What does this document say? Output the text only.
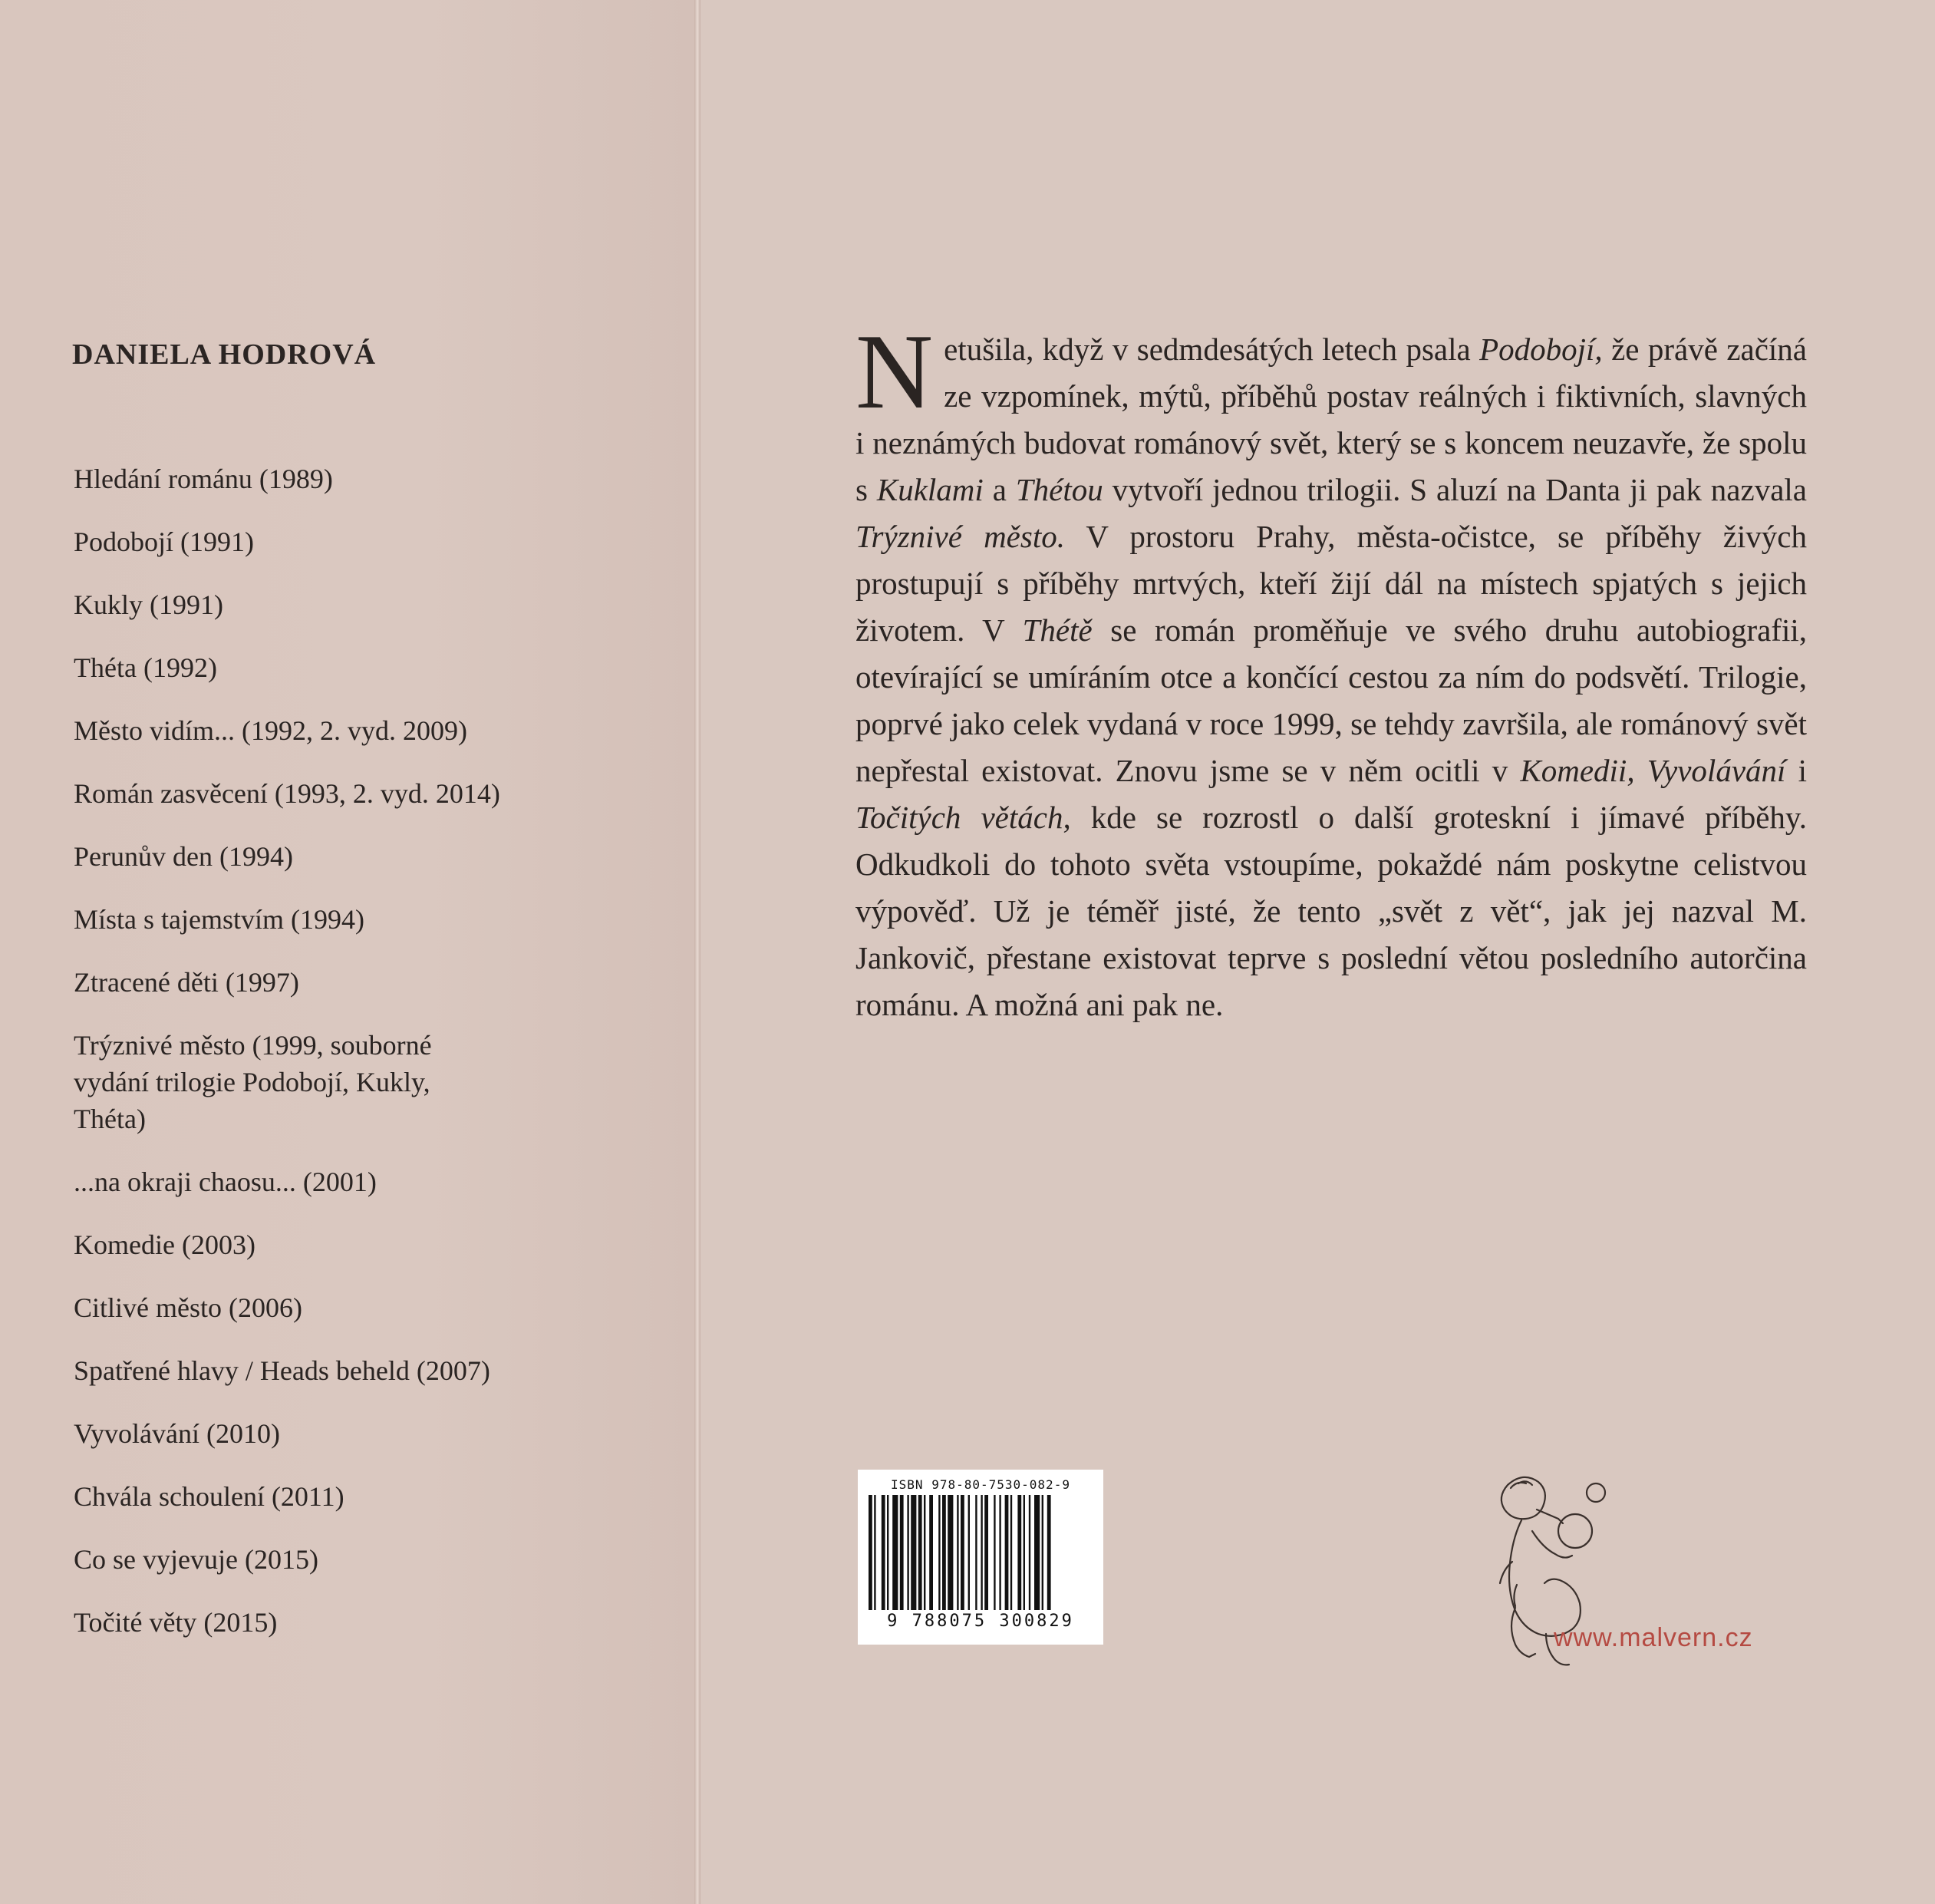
DANIELA HODROVÁ
Hledání románu (1989)
Podobojí (1991)
Kukly (1991)
Théta (1992)
Město vidím... (1992, 2. vyd. 2009)
Román zasvěcení (1993, 2. vyd. 2014)
Perunův den (1994)
Místa s tajemstvím (1994)
Ztracené děti (1997)
Trýznivé město (1999, souborné vydání trilogie Podobojí, Kukly, Théta)
...na okraji chaosu... (2001)
Komedie (2003)
Citlivé město (2006)
Spatřené hlavy / Heads beheld (2007)
Vyvolávání (2010)
Chvála schoulení (2011)
Co se vyjevuje (2015)
Točité věty (2015)

Netušila, když v sedmdesátých letech psala Podobojí, že právě začíná ze vzpomínek, mýtů, příběhů postav reálných i fiktivních, slavných i neznámých budovat románový svět, který se s koncem neuzavře, že spolu s Kuklami a Thétou vytvoří jednou trilogii. S aluzí na Danta ji pak nazvala Trýznivé město. V prostoru Prahy, města-očistce, se příběhy živých prostupují s příběhy mrtvých, kteří žijí dál na místech spjatých s jejich životem. V Thétě se román proměňuje ve svého druhu autobiografii, otevírající se umíráním otce a končící cestou za ním do podsvětí. Trilogie, poprvé jako celek vydaná v roce 1999, se tehdy završila, ale románový svět nepřestal existovat. Znovu jsme se v něm ocitli v Komedii, Vyvolávání i Točitých větách, kde se rozrostl o další groteskní i jímavé příběhy. Odkudkoli do tohoto světa vstoupíme, pokaždé nám poskytne celistvou výpověď. Už je téměř jisté, že tento „svět z vět“, jak jej nazval M. Jankovič, přestane existovat teprve s poslední větou posledního autorčina románu. A možná ani pak ne.

ISBN 978-80-7530-082-9
9 788075 300829
www.malvern.cz
